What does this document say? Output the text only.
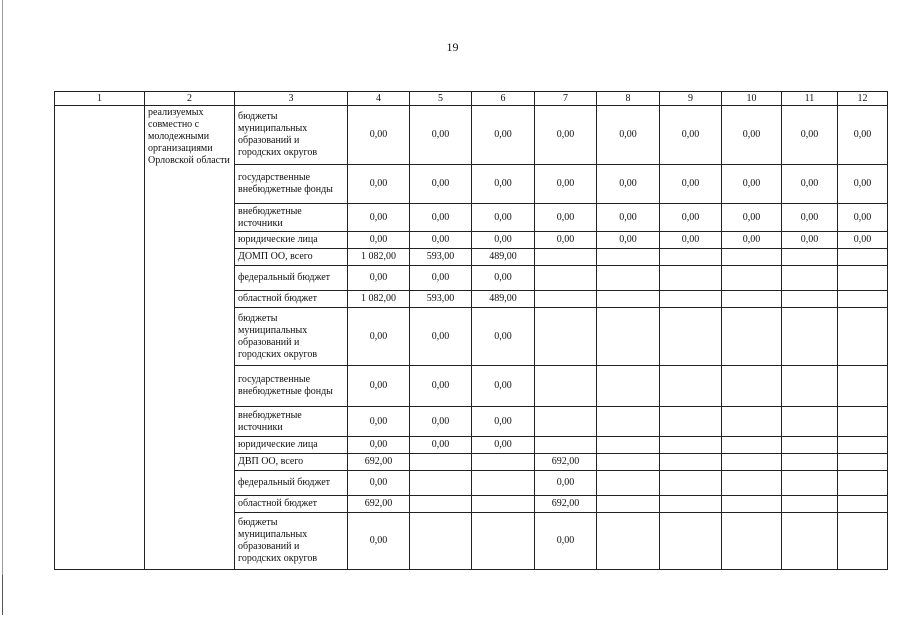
19
1	2	3	4	5	6	7	8	9	10	11	12
	реализуемых совместно с молодежными организациями Орловской области	бюджеты муниципальных образований и городских округов	0,00	0,00	0,00	0,00	0,00	0,00	0,00	0,00	0,00
		государственные внебюджетные фонды	0,00	0,00	0,00	0,00	0,00	0,00	0,00	0,00	0,00
		внебюджетные источники	0,00	0,00	0,00	0,00	0,00	0,00	0,00	0,00	0,00
		юридические лица	0,00	0,00	0,00	0,00	0,00	0,00	0,00	0,00	0,00
		ДОМП ОО, всего	1 082,00	593,00	489,00						
		федеральный бюджет	0,00	0,00	0,00						
		областной бюджет	1 082,00	593,00	489,00						
		бюджеты муниципальных образований и городских округов	0,00	0,00	0,00						
		государственные внебюджетные фонды	0,00	0,00	0,00						
		внебюджетные источники	0,00	0,00	0,00						
		юридические лица	0,00	0,00	0,00						
		ДВП ОО, всего	692,00			692,00					
		федеральный бюджет	0,00			0,00					
		областной бюджет	692,00			692,00					
		бюджеты муниципальных образований и городских округов	0,00			0,00					
